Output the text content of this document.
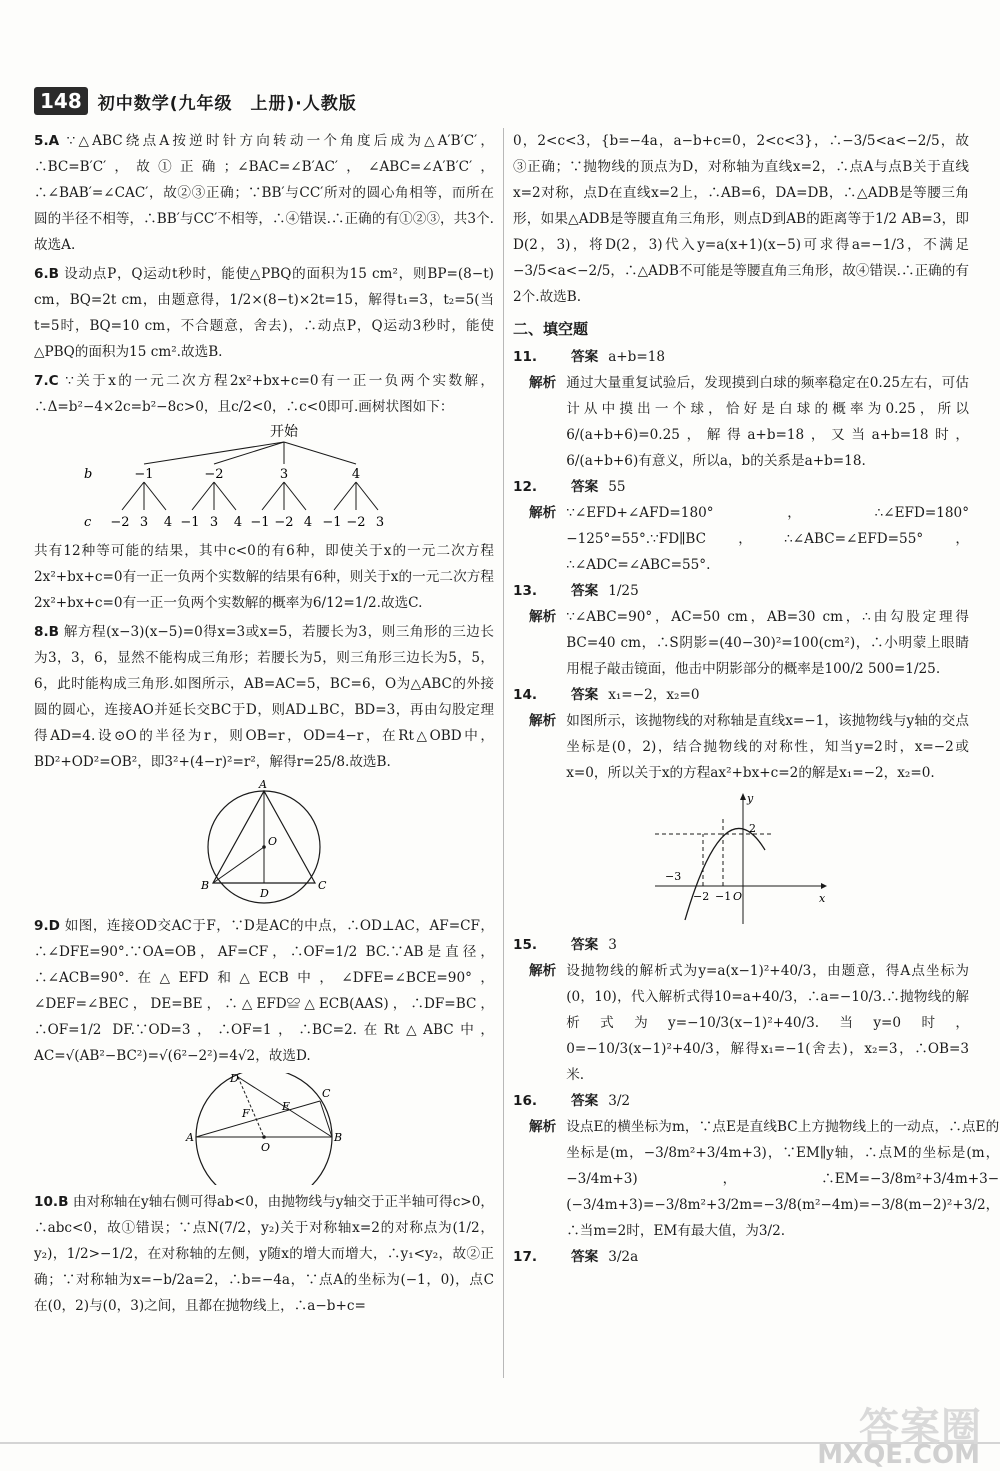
148 初中数学(九年级　上册)·人教版
5.A ∵△ABC绕点A按逆时针方向转动一个角度后成为△A′B′C′，∴BC=B′C′，故①正确；∠BAC=∠B′AC′，∠ABC=∠A′B′C′，∴∠BAB′=∠CAC′，故②③正确；∵BB′与CC′所对的圆心角相等，而所在圆的半径不相等，∴BB′与CC′不相等，∴④错误.∴正确的有①②③，共3个.故选A.
6.B 设动点P，Q运动t秒时，能使△PBQ的面积为15 cm²，则BP=(8−t) cm，BQ=2t cm，由题意得，1/2×(8−t)×2t=15，解得t₁=3，t₂=5(当t=5时，BQ=10 cm，不合题意，舍去)，∴动点P，Q运动3秒时，能使△PBQ的面积为15 cm².故选B.
7.C ∵关于x的一元二次方程2x²+bx+c=0有一正一负两个实数解，∴Δ=b²−4×2c=b²−8c>0，且c/2<0，∴c<0即可.画树状图如下：
开始
b
c
−1	−2	3	4
−2 3 4 −1 3 4 −1 −2 4 −1 −2 3
共有12种等可能的结果，其中c<0的有6种，即使关于x的一元二次方程2x²+bx+c=0有一正一负两个实数解的结果有6种，则关于x的一元二次方程2x²+bx+c=0有一正一负两个实数解的概率为6/12=1/2.故选C.
8.B 解方程(x−3)(x−5)=0得x=3或x=5，若腰长为3，则三角形的三边长为3，3，6，显然不能构成三角形；若腰长为5，则三角形三边长为5，5，6，此时能构成三角形.如图所示，AB=AC=5，BC=6，O为△ABC的外接圆的圆心，连接AO并延长交BC于D，则AD⊥BC，BD=3，再由勾股定理得AD=4.设⊙O的半径为r，则OB=r，OD=4−r，在Rt△OBD中，BD²+OD²=OB²，即3²+(4−r)²=r²，解得r=25/8.故选B.
A
B	C
D
O
9.D 如图，连接OD交AC于F，∵D是AC的中点，∴OD⊥AC，AF=CF，∴∠DFE=90°.∵OA=OB，AF=CF，∴OF=1/2 BC.∵AB是直径，∴∠ACB=90°.在△EFD和△ECB中，∠DFE=∠BCE=90°，∠DEF=∠BEC，DE=BE，∴△EFD≌△ECB(AAS)，∴DF=BC，∴OF=1/2 DF.∵OD=3，∴OF=1，∴BC=2.在Rt△ABC中，AC=√(AB²−BC²)=√(6²−2²)=4√2，故选D.
A	B
C
D
E
F
O
10.B 由对称轴在y轴右侧可得ab<0，由抛物线与y轴交于正半轴可得c>0，∴abc<0，故①错误；∵点N(7/2，y₂)关于对称轴x=2的对称点为(1/2，y₂)，1/2>−1/2，在对称轴的左侧，y随x的增大而增大，∴y₁<y₂，故②正确；∵对称轴为x=−b/2a=2，∴b=−4a，∵点A的坐标为(−1，0)，点C在(0，2)与(0，3)之间，且都在抛物线上，∴a−b+c=

0，2<c<3，{b=−4a，a−b+c=0，2<c<3}，∴−3/5<a<−2/5，故③正确；∵抛物线的顶点为D，对称轴为直线x=2，∴点A与点B关于直线x=2对称，点D在直线x=2上，∴AB=6，DA=DB，∴△ADB是等腰三角形，如果△ADB是等腰直角三角形，则点D到AB的距离等于1/2 AB=3，即D(2，3)，将D(2，3)代入y=a(x+1)(x−5)可求得a=−1/3，不满足−3/5<a<−2/5，∴△ADB不可能是等腰直角三角形，故④错误.∴正确的有2个.故选B.

二、填空题
11.	答案 a+b=18
解析 通过大量重复试验后，发现摸到白球的频率稳定在0.25左右，可估计从中摸出一个球，恰好是白球的概率为0.25，所以6/(a+b+6)=0.25，解得a+b=18，又当a+b=18时，6/(a+b+6)有意义，所以a，b的关系是a+b=18.
12.	答案 55
解析 ∵∠EFD+∠AFD=180°，∴∠EFD=180°−125°=55°.∵FD∥BC，∴∠ABC=∠EFD=55°，∴∠ADC=∠ABC=55°.
13.	答案 1/25
解析 ∵∠ABC=90°，AC=50 cm，AB=30 cm，∴由勾股定理得BC=40 cm，∴S阴影=(40−30)²=100(cm²)，∴小明蒙上眼睛用棍子敲击镜面，他击中阴影部分的概率是100/2 500=1/25.
14.	答案 x₁=−2，x₂=0
解析 如图所示，该抛物线的对称轴是直线x=−1，该抛物线与y轴的交点坐标是(0，2)，结合抛物线的对称性，知当y=2时，x=−2或x=0，所以关于x的方程ax²+bx+c=2的解是x₁=−2，x₂=0.
y
x
2
−3
−2 −1 O
15.	答案 3
解析 设抛物线的解析式为y=a(x−1)²+40/3，由题意，得A点坐标为(0，10)，代入解析式得10=a+40/3，∴a=−10/3.∴抛物线的解析式为y=−10/3(x−1)²+40/3.当y=0时，0=−10/3(x−1)²+40/3，解得x₁=−1(舍去)，x₂=3，∴OB=3米.
16.	答案 3/2
解析 设点E的横坐标为m，∵点E是直线BC上方抛物线上的一动点，∴点E的坐标是(m，−3/8m²+3/4m+3)，∵EM∥y轴，∴点M的坐标是(m，−3/4m+3)，∴EM=−3/8m²+3/4m+3−(−3/4m+3)=−3/8m²+3/2m=−3/8(m²−4m)=−3/8(m−2)²+3/2，∴当m=2时，EM有最大值，为3/2.
17.	答案 3/2a
答案圈
MXQE.COM
